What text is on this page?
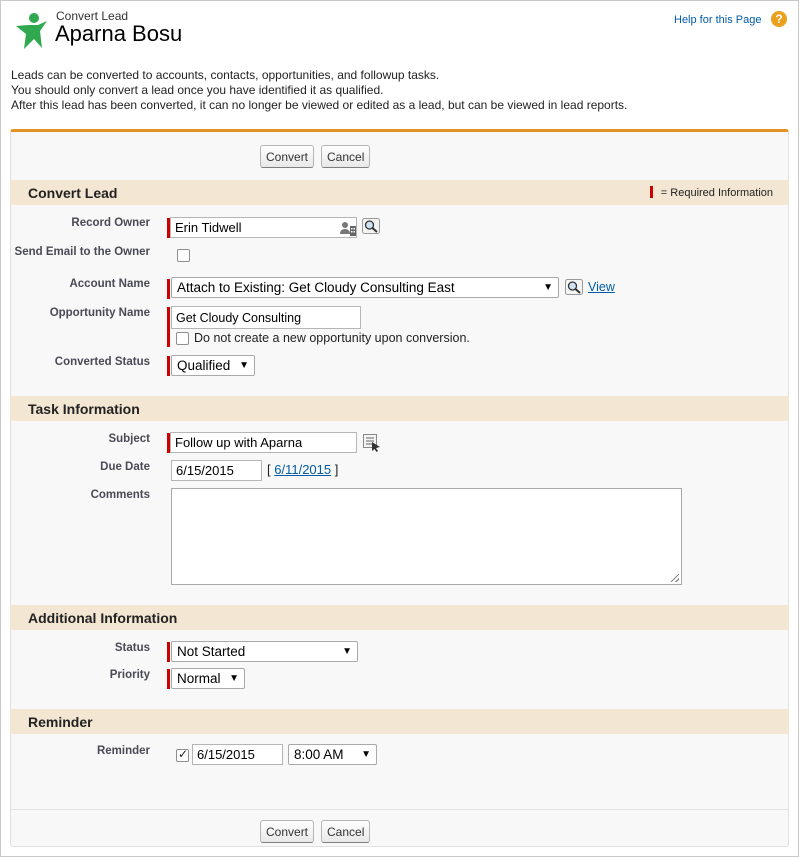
Convert Lead
Aparna Bosu
Help for this Page	?
Leads can be converted to accounts, contacts, opportunities, and followup tasks.
You should only convert a lead once you have identified it as qualified.
After this lead has been converted, it can no longer be viewed or edited as a lead, but can be viewed in lead reports.
Convert	Cancel
Convert Lead	= Required Information
Record Owner	Erin Tidwell
Send Email to the Owner
Account Name	Attach to Existing: Get Cloudy Consulting East	▼	View
Opportunity Name	Get Cloudy Consulting
Do not create a new opportunity upon conversion.
Converted Status	Qualified ▼
Task Information
Subject	Follow up with Aparna
Due Date	6/15/2015	[ 6/11/2015 ]
Comments
Additional Information
Status	Not Started	▼
Priority	Normal ▼
Reminder
Reminder
✓	6/15/2015	8:00 AM ▼
Convert	Cancel
